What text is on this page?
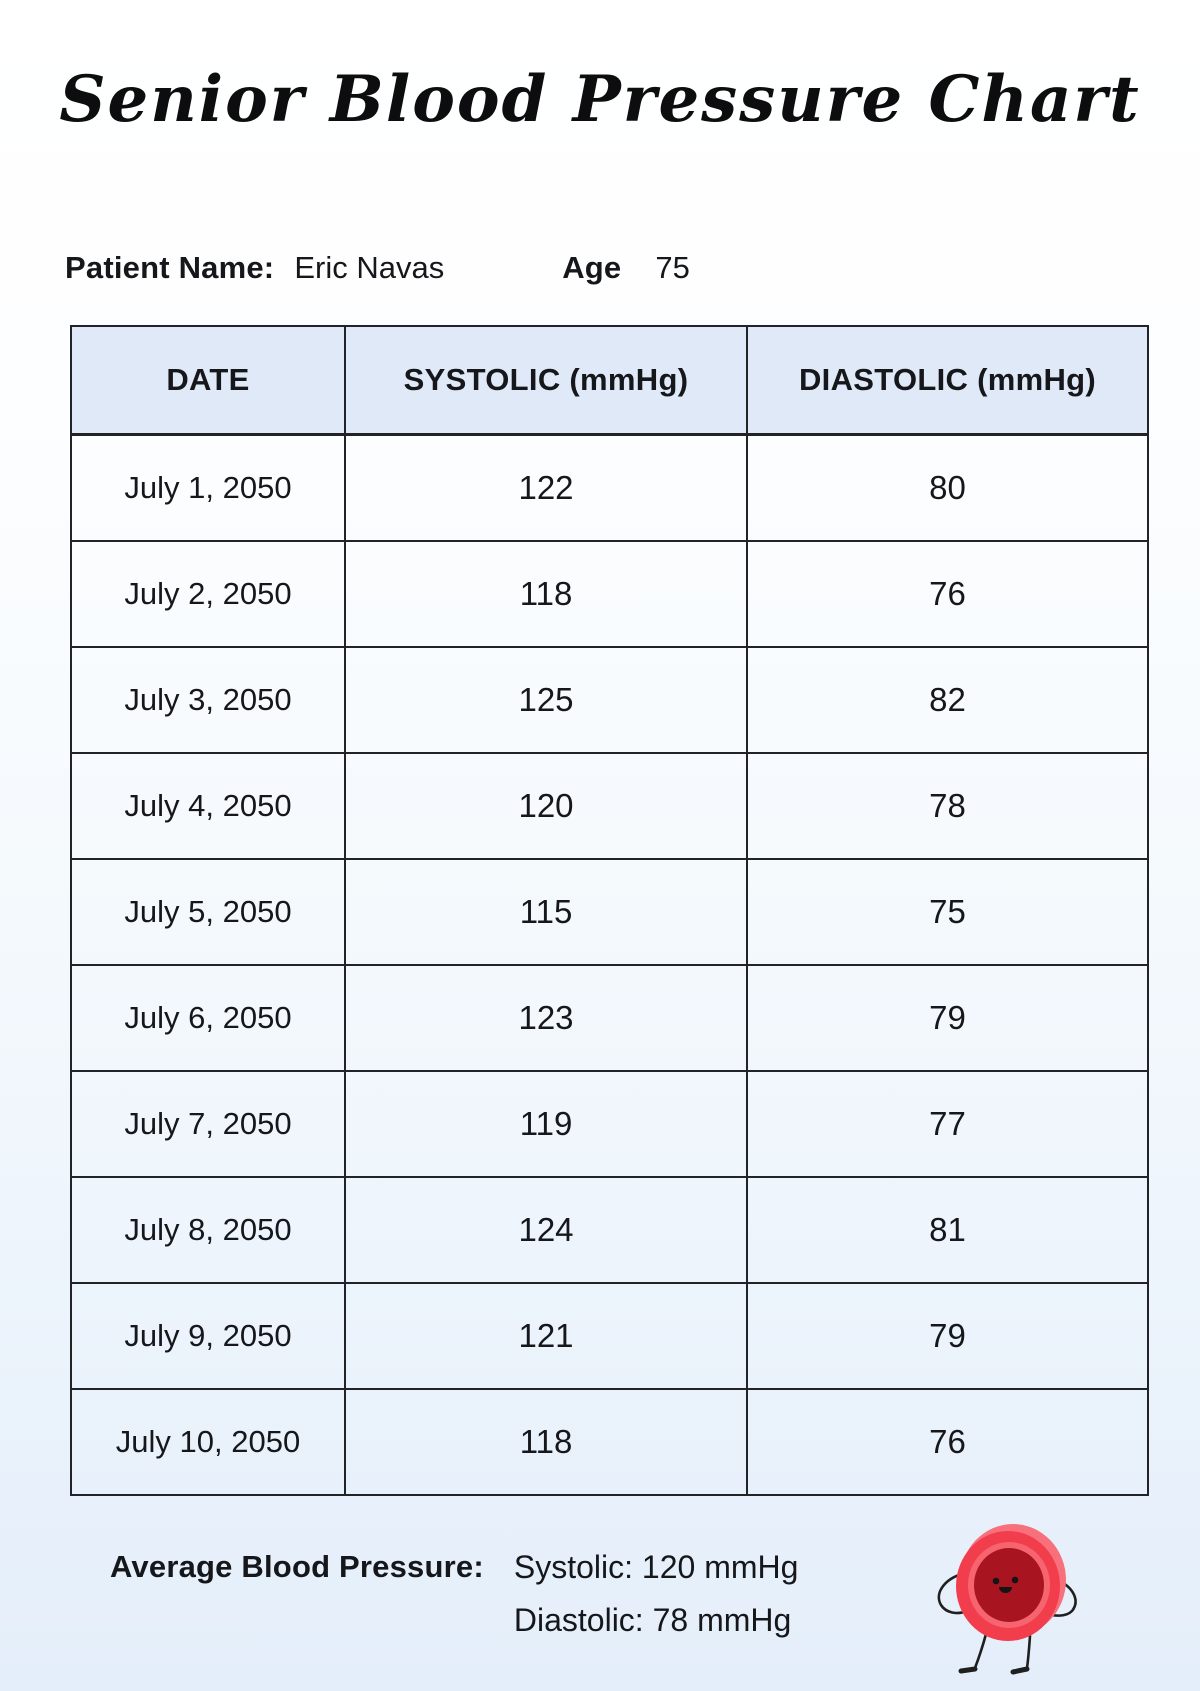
Senior Blood Pressure Chart
Patient Name: Eric Navas	Age 75
DATE	SYSTOLIC (mmHg)	DIASTOLIC (mmHg)
July 1, 2050	122	80
July 2, 2050	118	76
July 3, 2050	125	82
July 4, 2050	120	78
July 5, 2050	115	75
July 6, 2050	123	79
July 7, 2050	119	77
July 8, 2050	124	81
July 9, 2050	121	79
July 10, 2050	118	76
Average Blood Pressure: Systolic: 120 mmHg
Diastolic: 78 mmHg
